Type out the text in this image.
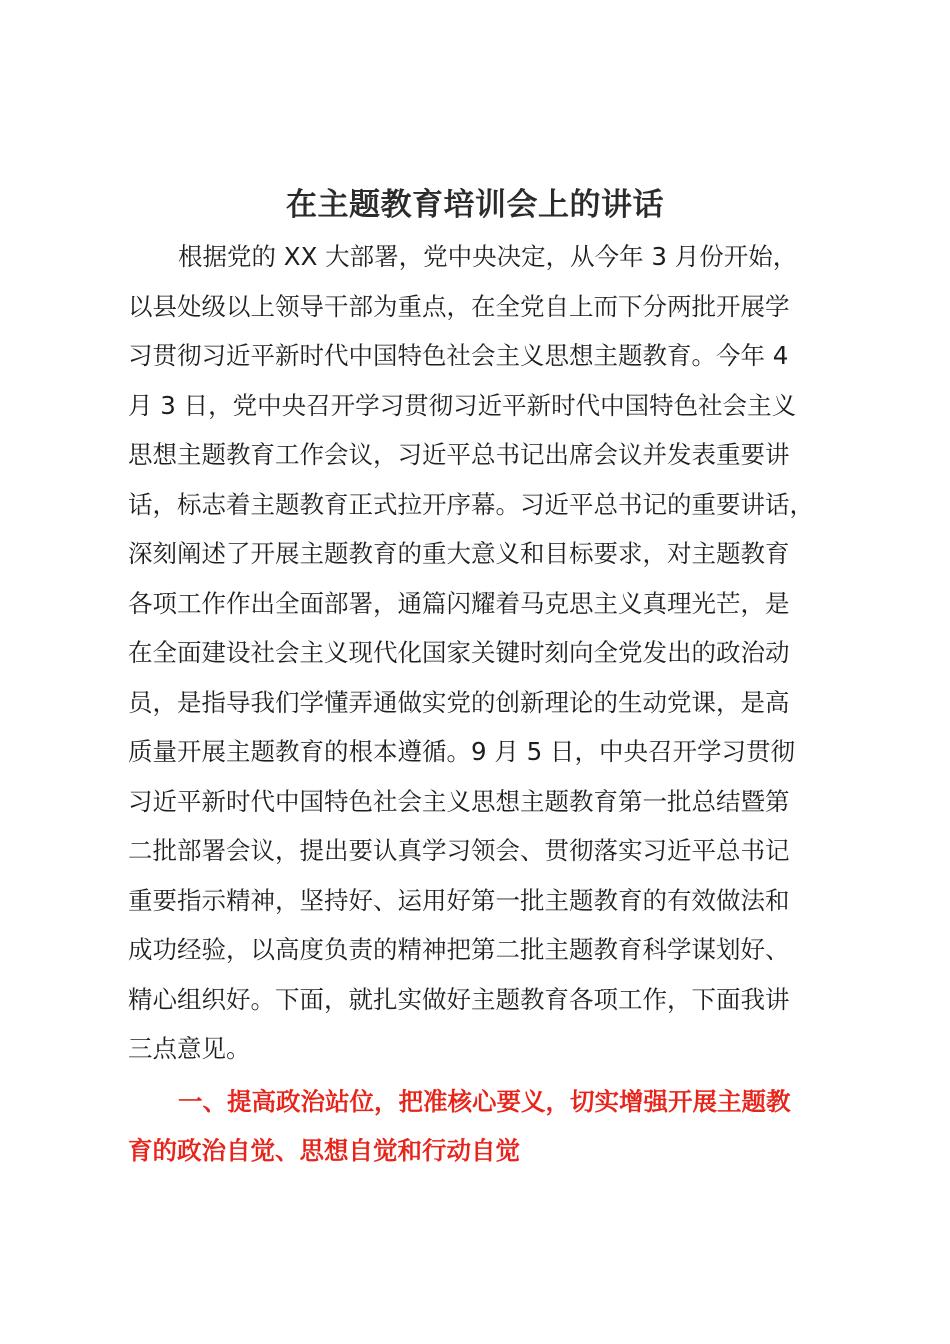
在主题教育培训会上的讲话
根据党的 XX 大部署，党中央决定，从今年 3 月份开始，
以县处级以上领导干部为重点，在全党自上而下分两批开展学
习贯彻习近平新时代中国特色社会主义思想主题教育。今年 4
月 3 日，党中央召开学习贯彻习近平新时代中国特色社会主义
思想主题教育工作会议，习近平总书记出席会议并发表重要讲
话，标志着主题教育正式拉开序幕。习近平总书记的重要讲话，
深刻阐述了开展主题教育的重大意义和目标要求，对主题教育
各项工作作出全面部署，通篇闪耀着马克思主义真理光芒，是
在全面建设社会主义现代化国家关键时刻向全党发出的政治动
员，是指导我们学懂弄通做实党的创新理论的生动党课，是高
质量开展主题教育的根本遵循。9 月 5 日，中央召开学习贯彻
习近平新时代中国特色社会主义思想主题教育第一批总结暨第
二批部署会议，提出要认真学习领会、贯彻落实习近平总书记
重要指示精神，坚持好、运用好第一批主题教育的有效做法和
成功经验，以高度负责的精神把第二批主题教育科学谋划好、
精心组织好。下面，就扎实做好主题教育各项工作，下面我讲
三点意见。
一、提高政治站位，把准核心要义，切实增强开展主题教
育的政治自觉、思想自觉和行动自觉
